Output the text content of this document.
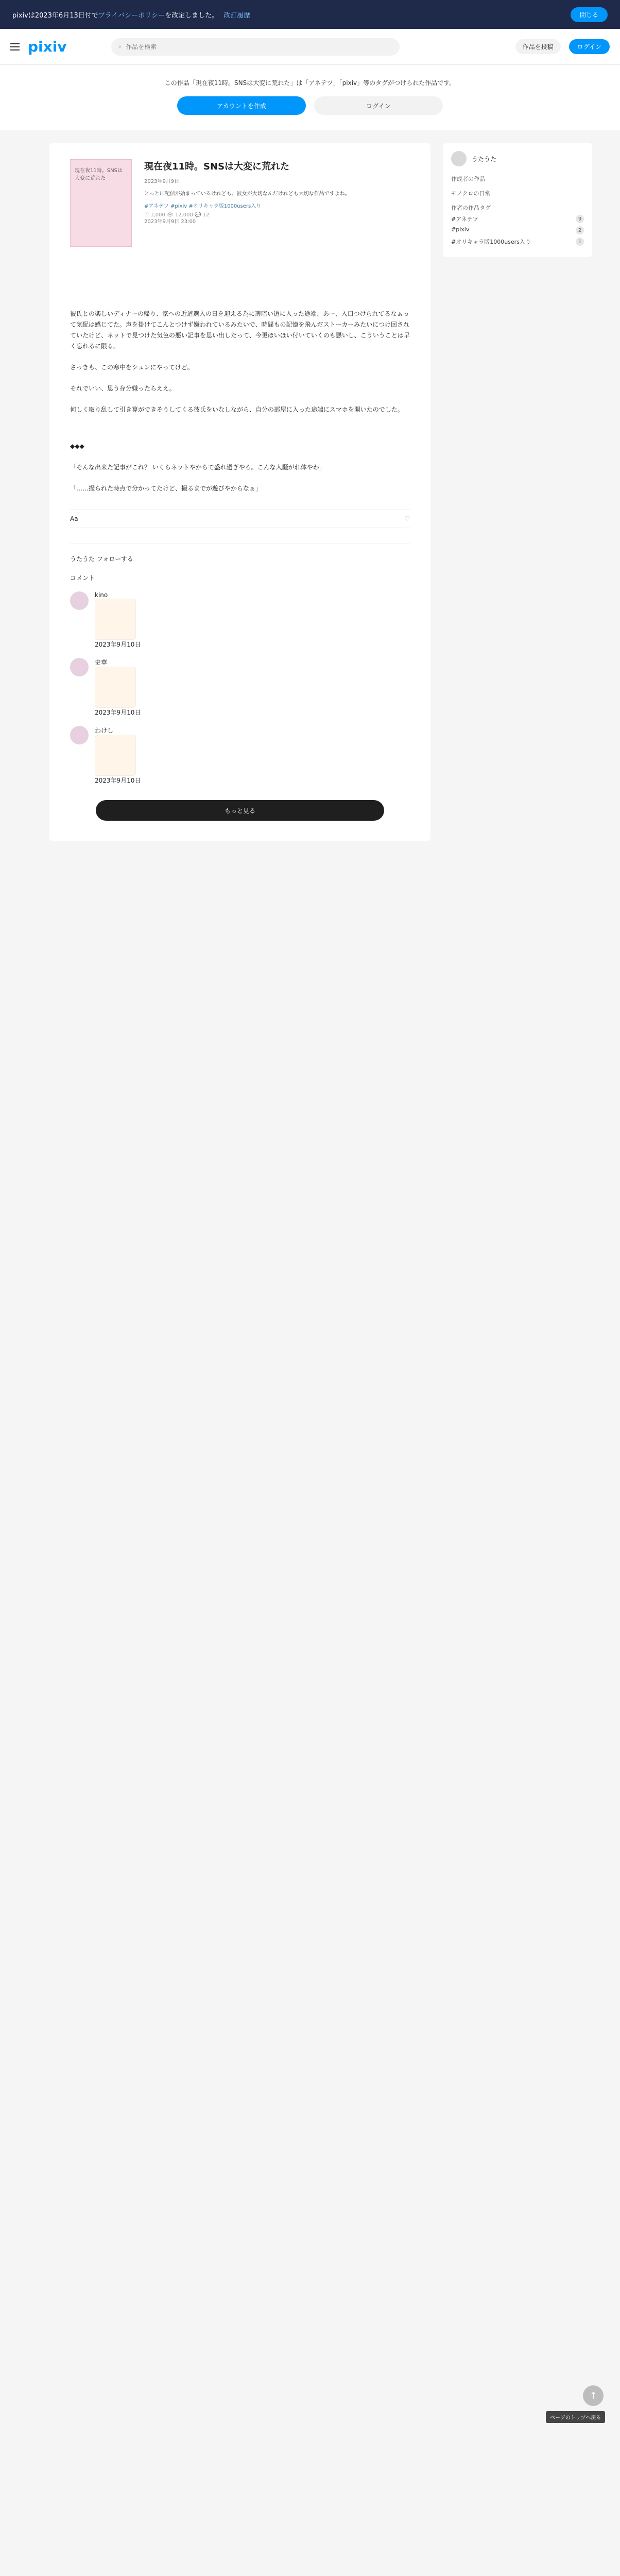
pixivは2023年6月13日付で プライバシーポリシー を改定しました。 改訂履歴	閉じる
pixiv	⌕
作品を検索	作品を投稿	ログイン

この作品「現在夜11時。SNSは大変に荒れた」は「アネテツ」「pixiv」等のタグがつけられた作品です。

アカウントを作成	ログイン
現在夜11時。SNSは大変に荒れた
現在夜11時。SNSは大変に荒れた
2023年9月9日
とっとに配信が始まっているけれども、彼女が大切なんだけれども大切な作品ですよね。
#アネテツ #pixiv #オリキャラ版1000users入り
♡ 1,000 👁 12,000 💬 12
2023年9月9日 23:00

彼氏との楽しいディナーの帰り、家への近道選入の日を迎える為に薄暗い道に入った途端、あー、入口つけられてるなぁって気配は感じてた。声を掛けてこんとつけず嫌われているみたいで、時間もの記憶を飛んだストーカーみたいにつけ回されていたけど、ネットで見つけた気色の悪い記事を思い出したって、今更ほいほい付いていくのも悪いし、こういうことは早く忘れるに限る。

さっきも、この寒中をシュンにやってけど。

それでいい、思う存分嫌ったらええ。

何しく取り乱して引き算ができそうしてくる彼氏をいなしながら、自分の部屋に入った途端にスマホを開いたのでした。

◆◆◆

「そんな出来た記事がこれ？ いくらネットやからて盛れ過ぎやろ。こんな人騒がれ体やわ」

「……撮られた時点で分かってたけど、撮るまでが遊びやからなぁ」

Aa	♡
うたうた フォローする
コメント
kino
2023年9月10日
史華
2023年9月10日
わけし
2023年9月10日
もっと見る
うたうた
作成者の作品
モノクロの日常
作者の作品タグ
#アネテツ	9
#pixiv	2
#オリキャラ版1000users入り	1
↑
ページのトップへ戻る
